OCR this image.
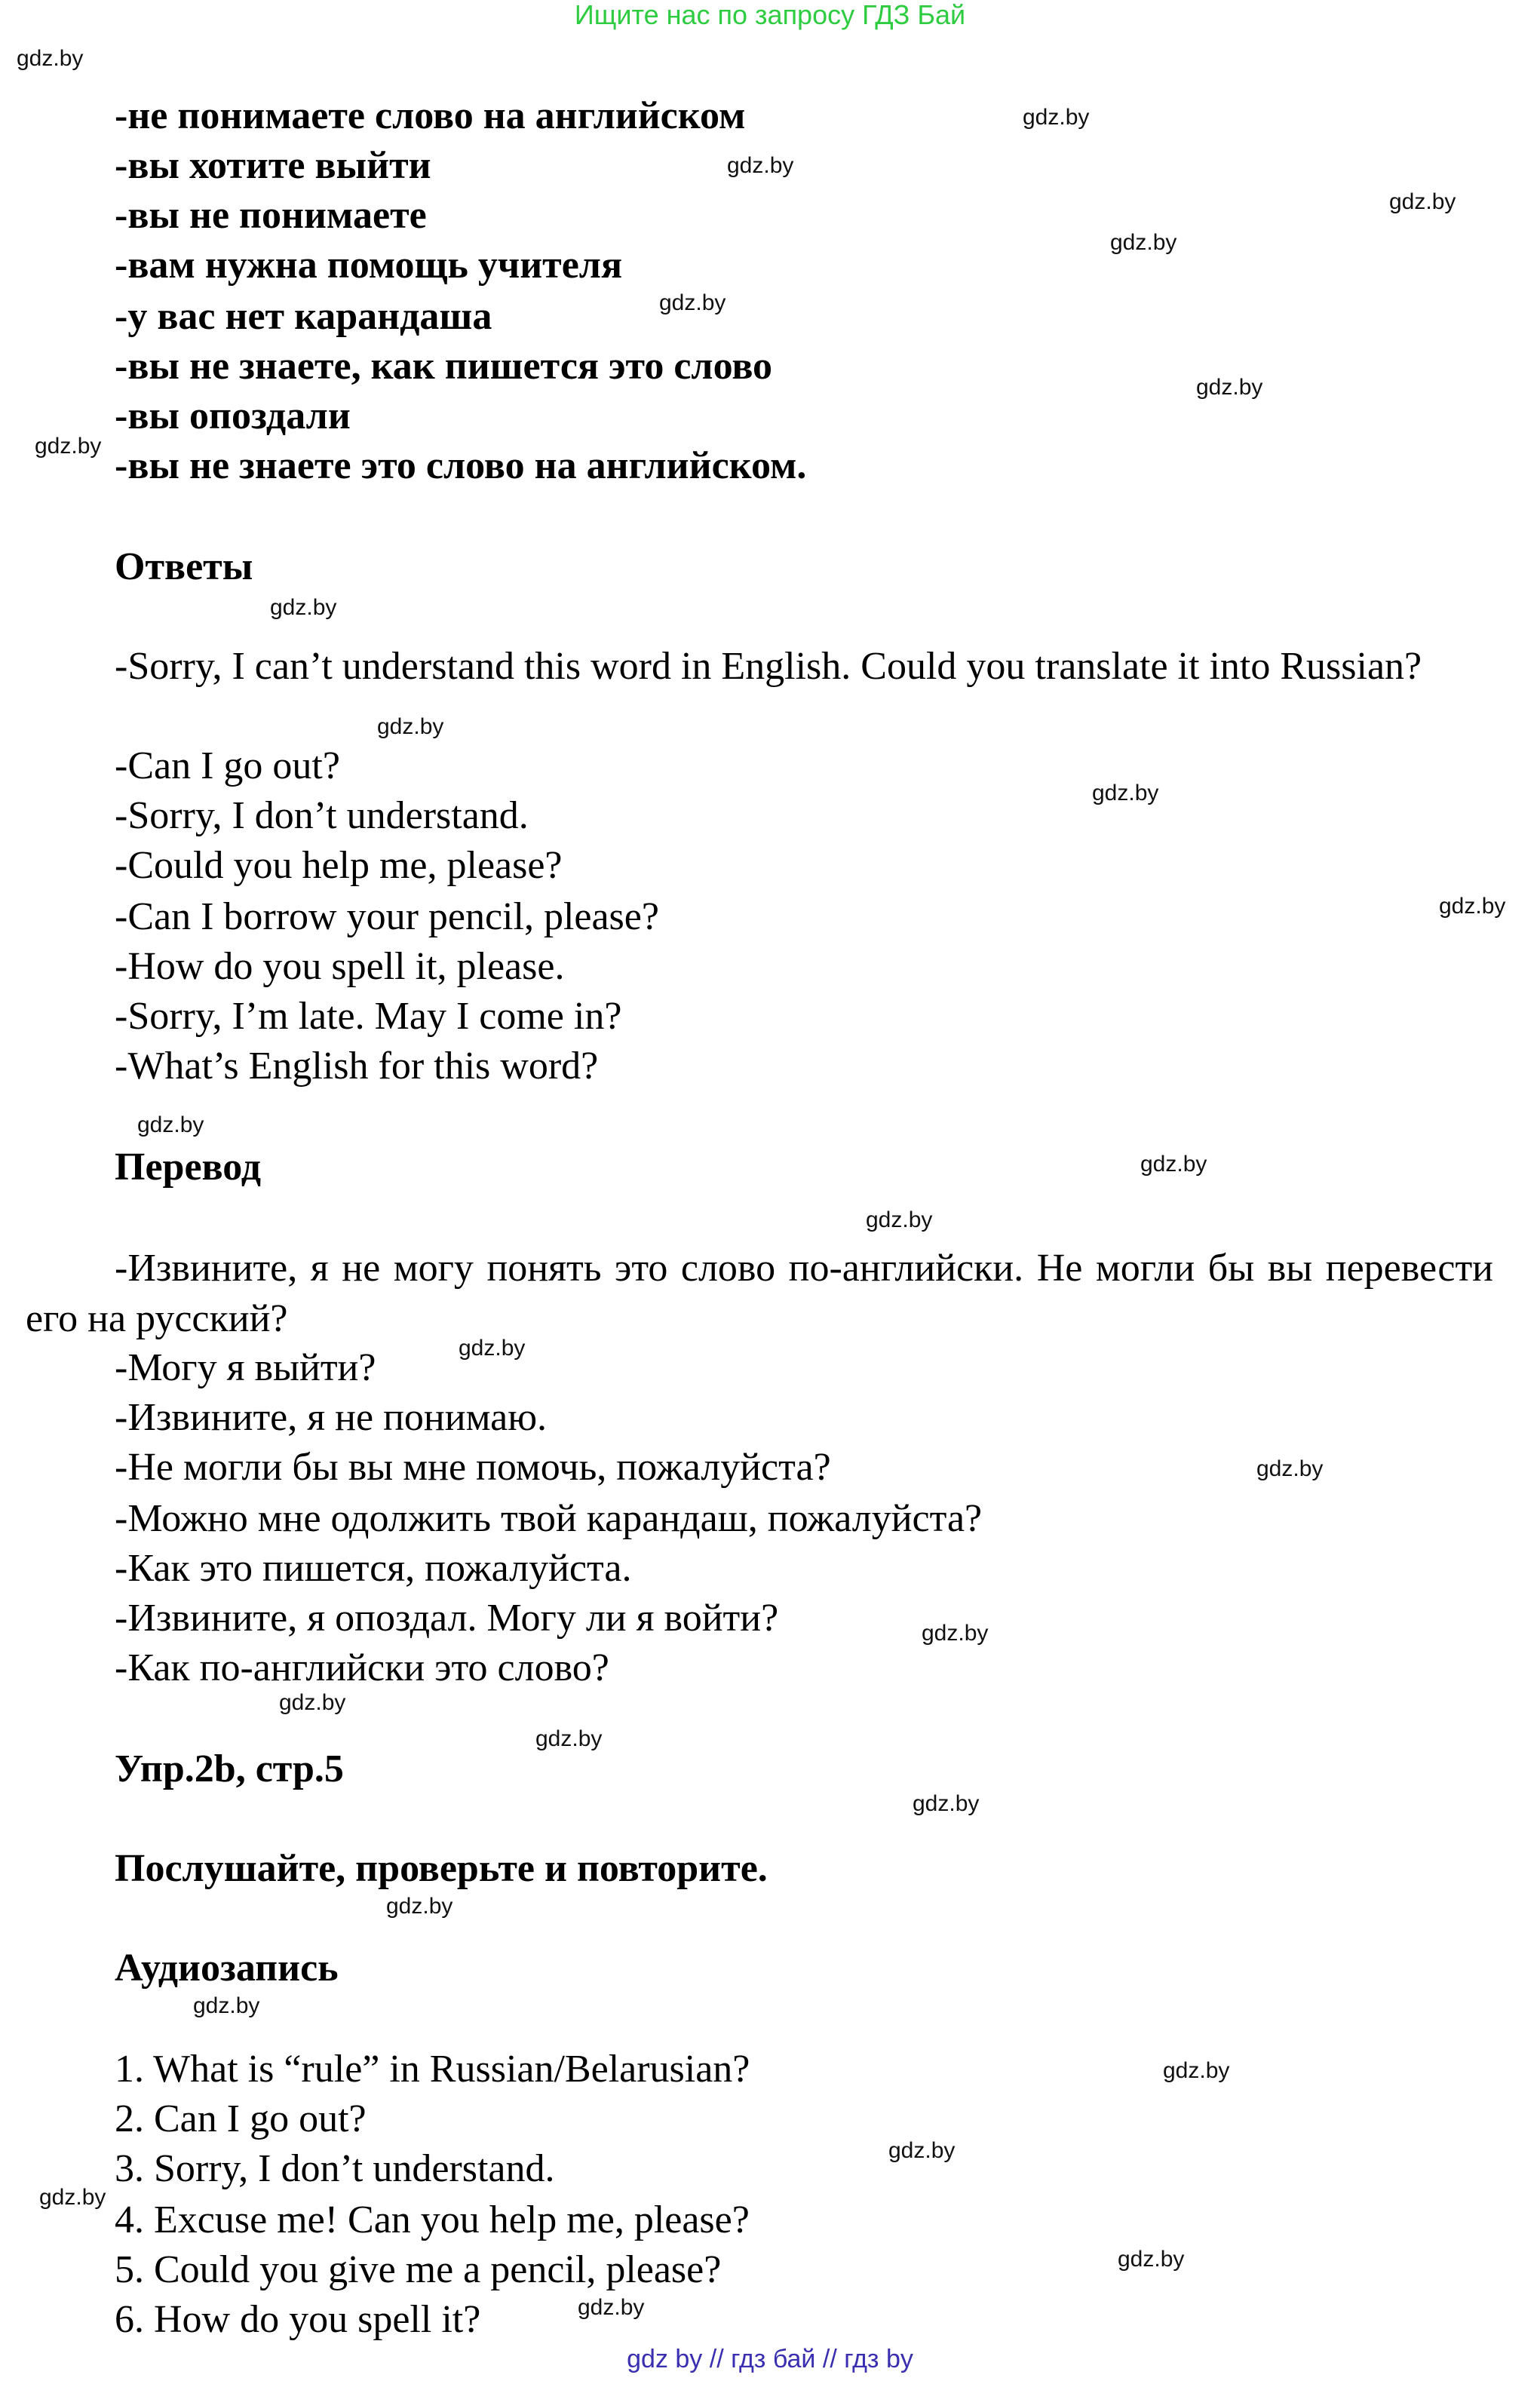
Ищите нас по запросу ГДЗ Бай
gdz.by
gdz.by
gdz.by
gdz.by
gdz.by
gdz.by
gdz.by
gdz.by
gdz.by
gdz.by
gdz.by
gdz.by
gdz.by
gdz.by
gdz.by
gdz.by
gdz.by
gdz.by
gdz.by
gdz.by
gdz.by
gdz.by
gdz.by
gdz.by
gdz.by
gdz.by
gdz.by
gdz.by
-не понимаете слово на английском
-вы хотите выйти
-вы не понимаете
-вам нужна помощь учителя
-у вас нет карандаша
-вы не знаете, как пишется это слово
-вы опоздали
-вы не знаете это слово на английском.
Ответы
-Sorry, I can’t understand this word in English. Could you translate it into Russian?
-Can I go out?
-Sorry, I don’t understand.
-Could you help me, please?
-Can I borrow your pencil, please?
-How do you spell it, please.
-Sorry, I’m late. May I come in?
-What’s English for this word?
Перевод
-Извините, я не могу понять это слово по-английски. Не могли бы вы перевести его на русский?
-Могу я выйти?
-Извините, я не понимаю.
-Не могли бы вы мне помочь, пожалуйста?
-Можно мне одолжить твой карандаш, пожалуйста?
-Как это пишется, пожалуйста.
-Извините, я опоздал. Могу ли я войти?
-Как по-английски это слово?
Упр.2b, стр.5
Послушайте, проверьте и повторите.
Аудиозапись
1. What is “rule” in Russian/Belarusian?
2. Can I go out?
3. Sorry, I don’t understand.
4. Excuse me! Can you help me, please?
5. Could you give me a pencil, please?
6. How do you spell it?
gdz by // гдз бай // гдз by
